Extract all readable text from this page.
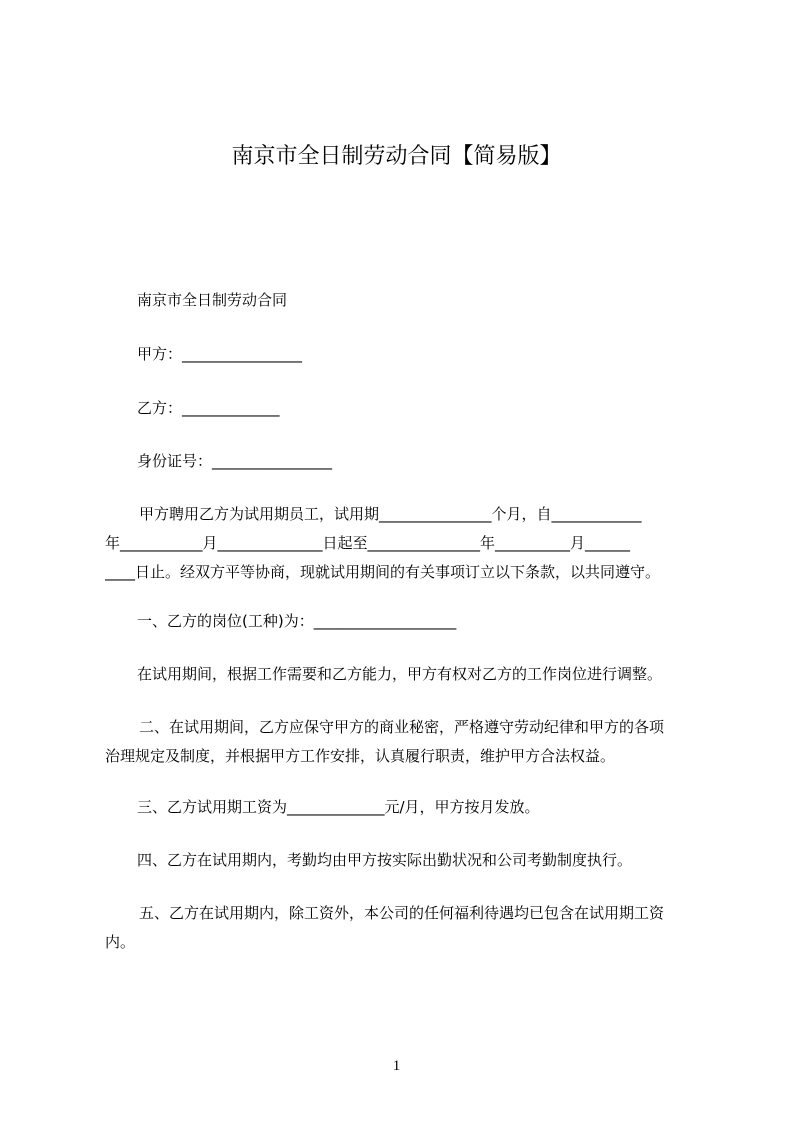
南京市全日制劳动合同【简易版】
南京市全日制劳动合同
甲方：________________
乙方：_____________
身份证号：________________

甲方聘用乙方为试用期员工，试用期_______________个月，自____________

年___________月______________日起至_______________年__________月______

____日止。经双方平等协商，现就试用期间的有关事项订立以下条款，以共同遵守。

一、乙方的岗位(工种)为：___________________
在试用期间，根据工作需要和乙方能力，甲方有权对乙方的工作岗位进行调整。

二、在试用期间，乙方应保守甲方的商业秘密，严格遵守劳动纪律和甲方的各项

治理规定及制度，并根据甲方工作安排，认真履行职责，维护甲方合法权益。

三、乙方试用期工资为_____________元/月，甲方按月发放。
四、乙方在试用期内，考勤均由甲方按实际出勤状况和公司考勤制度执行。

五、乙方在试用期内，除工资外，本公司的任何福利待遇均已包含在试用期工资

内。

1
